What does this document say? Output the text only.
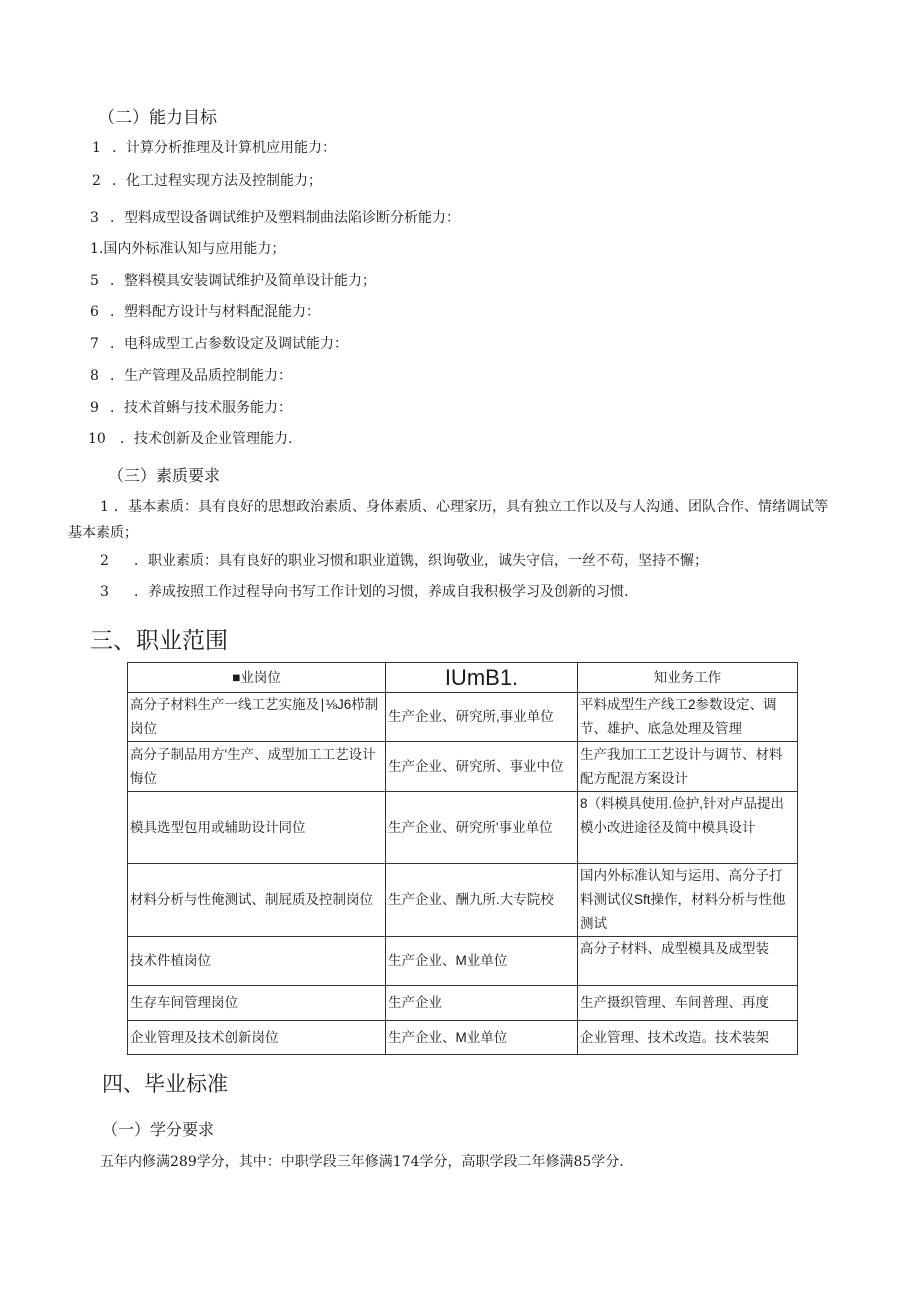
（二）能力目标
1 ．计算分析推理及计算机应用能力：
2 ．化工过程实现方法及控制能力；
3 ．型料成型设备调试维护及塑料制曲法陷诊断分析能力：
1.国内外标准认知与应用能力；
5 ．整料模具安装调试维护及简单设计能力；
6 ．塑料配方设计与材料配混能力：
7 ．电科成型工占参数设定及调试能力：
8 ．生产管理及品质控制能力：
9 ．技术首蝌与技术服务能力：
10 ．技术创新及企业管理能力.
（三）素质要求
1 ．基本素质：具有良好的思想政治素质、身体素质、心理家历，具有独立工作以及与人沟通、团队合作、情绪调试等
基本素质；
2 ．职业素质：具有良好的职业习惯和职业道镌，织询敬业，诚失守信，一丝不苟，坚持不懈；
3 ．养成按照工作过程导向书写工作计划的习惯，养成自我积极学习及创新的习惯.
三、职业范围
■业岗位	IUmB1.	知业务工作
高分子材料生产一线工艺实施及∣⅛J6栉制岗位	生产企业、研究所,事业单位	平料成型生产线工2参数设定、调节、雄护、底急处理及管理
高分子制品用方'生产、成型加工工艺设计悔位	生产企业、研究所、事业中位	生产我加工工艺设计与调节、材料配方配混方案设计
模具选型包用或辅助设计同位	生产企业、研究所'事业单位	8（料模具使用.俭护,针对卢品提出模小改进途径及简中模具设计
材料分析与性俺测试、制屁质及控制岗位	生产企业、酬九所.大专院校	国内外标准认知与运用、高分子打料测试仪Sft操作，材料分析与性他测试
技术件植岗位	生产企业、M业单位	高分子材料、成型模具及成型装
生存车间管理岗位	生产企业	生产摄织管理、车间普理、再度
企业管理及技术创新岗位	生产企业、M业单位	企业管理、技术改造。技术装架
四、毕业标准
（一）学分要求
五年内修满289学分，其中：中职学段三年修满174学分，高职学段二年修满85学分.
